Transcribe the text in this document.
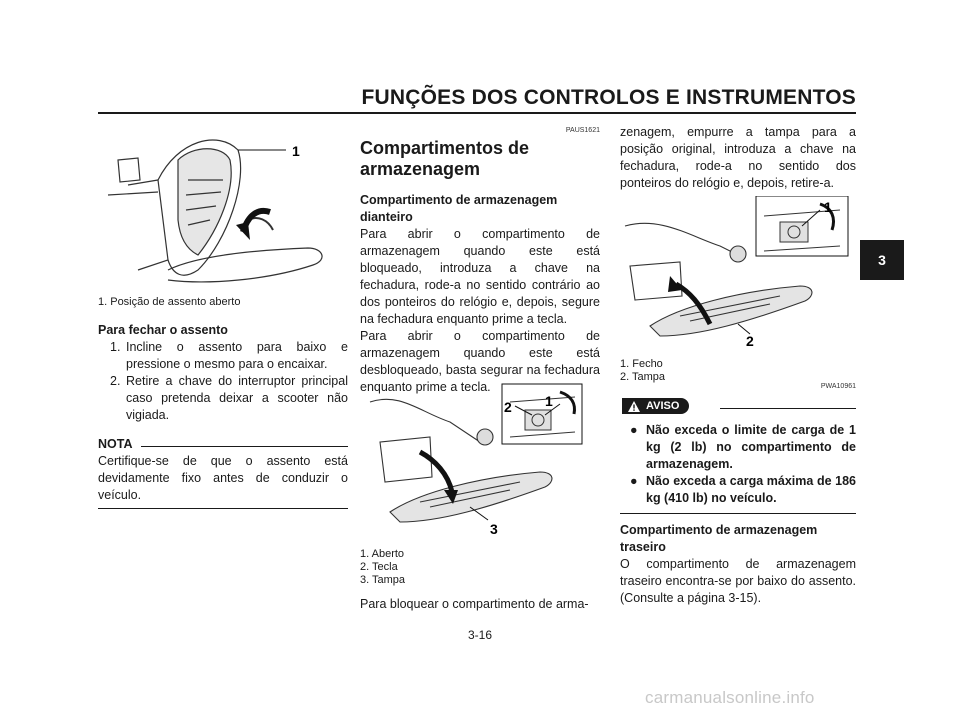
FUNÇÕES DOS CONTROLOS E INSTRUMENTOS
3
1
1. Posição de assento aberto
Para fechar o assento
1. Incline o assento para baixo e pressione o mesmo para o encaixar.
2. Retire a chave do interruptor principal caso pretenda deixar a scooter não vigiada.
NOTA

Certifique-se de que o assento está devidamente fixo antes de conduzir o veículo.

PAUS1621
Compartimentos de armazenagem
Compartimento de armazenagem dianteiro

Para abrir o compartimento de armazenagem quando este está bloqueado, introduza a chave na fechadura, rode-a no sentido contrário ao dos ponteiros do relógio e, depois, segure na fechadura enquanto prime a tecla.

Para abrir o compartimento de armazenagem quando este está desbloqueado, basta segurar na fechadura enquanto prime a tecla.

1
2
3
1. Aberto
2. Tecla
3. Tampa

Para bloquear o compartimento de arma-

zenagem, empurre a tampa para a posição original, introduza a chave na fechadura, rode-a no sentido dos ponteiros do relógio e, depois, retire-a.

1
2
1. Fecho
2. Tampa
PWA10961
AVISO
● Não exceda o limite de carga de 1 kg (2 lb) no compartimento de armazenagem.
● Não exceda a carga máxima de 186 kg (410 lb) no veículo.
Compartimento de armazenagem traseiro

O compartimento de armazenagem traseiro encontra-se por baixo do assento. (Consulte a página 3-15).

3-16
carmanualsonline.info
